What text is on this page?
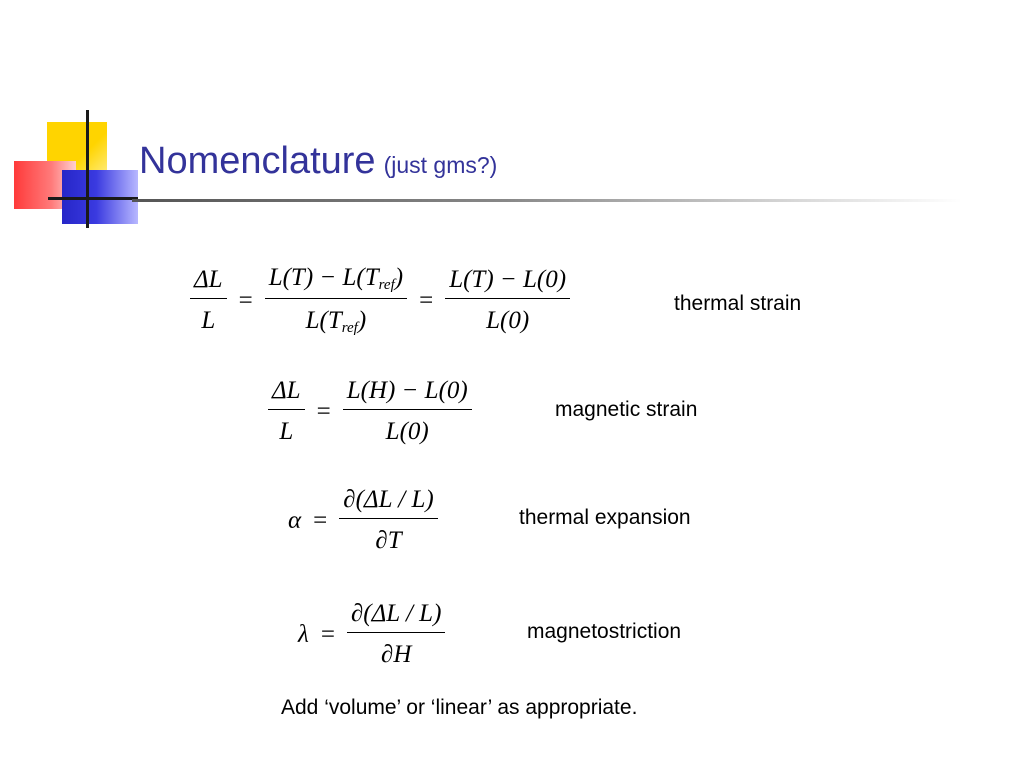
Nomenclature (just gms?)
$\frac{\Delta L}{L} = \frac{\text{L(T) − L(Tref)}}{\text{L(Tref)}} = \frac{L(T) - L(0)}{L(0)}$	thermal strain
$\frac{\Delta L}{L} = \frac{L(H) - L(0)}{L(0)}$	magnetic strain
$\alpha = \frac{\partial(\Delta L / L)}{\partial T}$	thermal expansion
$\lambda = \frac{\partial(\Delta L / L)}{\partial H}$	magnetostriction
Add ‘volume’ or ‘linear’ as appropriate.
